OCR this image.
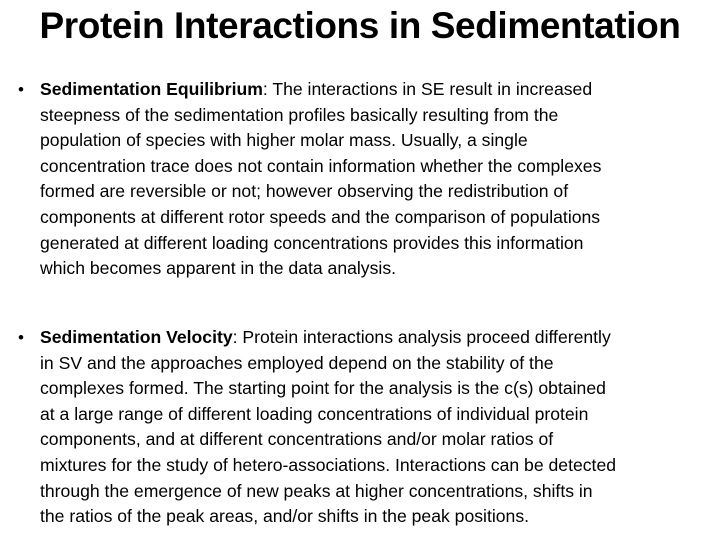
Protein Interactions in Sedimentation
• Sedimentation Equilibrium: The interactions in SE result in increased
steepness of the sedimentation profiles basically resulting from the
population of species with higher molar mass. Usually, a single
concentration trace does not contain information whether the complexes
formed are reversible or not; however observing the redistribution of
components at different rotor speeds and the comparison of populations
generated at different loading concentrations provides this information
which becomes apparent in the data analysis.
• Sedimentation Velocity: Protein interactions analysis proceed differently
in SV and the approaches employed depend on the stability of the
complexes formed. The starting point for the analysis is the c(s) obtained
at a large range of different loading concentrations of individual protein
components, and at different concentrations and/or molar ratios of
mixtures for the study of hetero-associations. Interactions can be detected
through the emergence of new peaks at higher concentrations, shifts in
the ratios of the peak areas, and/or shifts in the peak positions.
